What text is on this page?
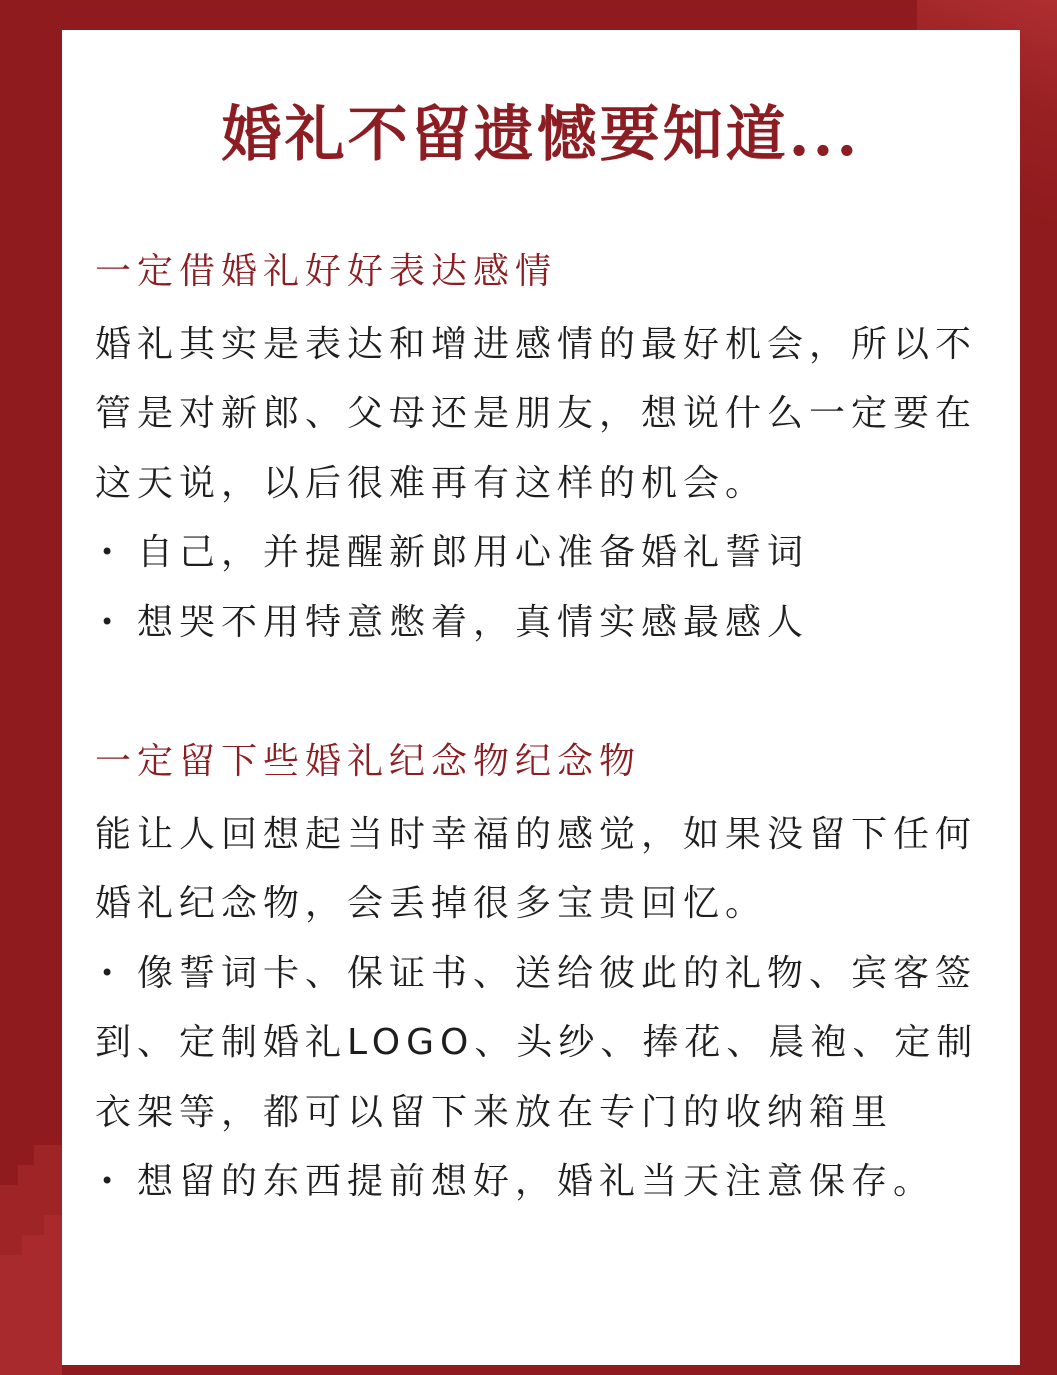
婚礼不留遗憾要知道...
一定借婚礼好好表达感情
婚礼其实是表达和增进感情的最好机会，所以不
管是对新郎、父母还是朋友，想说什么一定要在
这天说，以后很难再有这样的机会。
• 自己，并提醒新郎用心准备婚礼誓词
• 想哭不用特意憋着，真情实感最感人
一定留下些婚礼纪念物纪念物
能让人回想起当时幸福的感觉，如果没留下任何
婚礼纪念物，会丢掉很多宝贵回忆。
• 像誓词卡、保证书、送给彼此的礼物、宾客签
到、定制婚礼LOGO、头纱、捧花、晨袍、定制
衣架等，都可以留下来放在专门的收纳箱里
• 想留的东西提前想好，婚礼当天注意保存。
